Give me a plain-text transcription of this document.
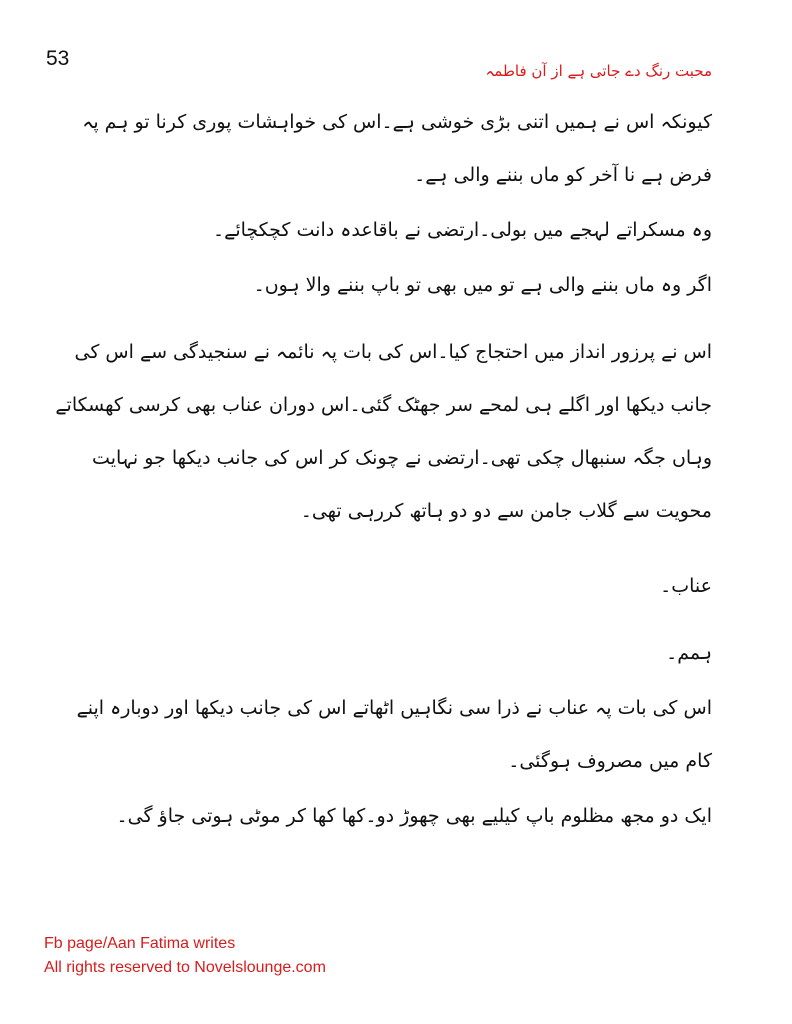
53
محبت رنگ دے جاتی ہے از آن فاطمہ

کیونکہ اس نے ہمیں اتنی بڑی خوشی ہے۔اس کی خواہشات پوری کرنا تو ہم پہ فرض ہے نا آخر کو ماں بننے والی ہے۔

وہ مسکراتے لہجے میں بولی۔ارتضی نے باقاعدہ دانت کچکچائے۔

اگر وہ ماں بننے والی ہے تو میں بھی تو باپ بننے والا ہوں۔

اس نے پرزور انداز میں احتجاج کیا۔اس کی بات پہ نائمہ نے سنجیدگی سے اس کی جانب دیکھا اور اگلے ہی لمحے سر جھٹک گئی۔اس دوران عناب بھی کرسی کھسکاتے وہاں جگہ سنبھال چکی تھی۔ارتضی نے چونک کر اس کی جانب دیکھا جو نہایت محویت سے گلاب جامن سے دو دو ہاتھ کررہی تھی۔

عناب۔

ہمم۔

اس کی بات پہ عناب نے ذرا سی نگاہیں اٹھاتے اس کی جانب دیکھا اور دوبارہ اپنے کام میں مصروف ہوگئی۔

ایک دو مجھ مظلوم باپ کیلیے بھی چھوڑ دو۔کھا کھا کر موٹی ہوتی جاؤ گی۔

Fb page/Aan Fatima writes
All rights reserved to Novelslounge.com
